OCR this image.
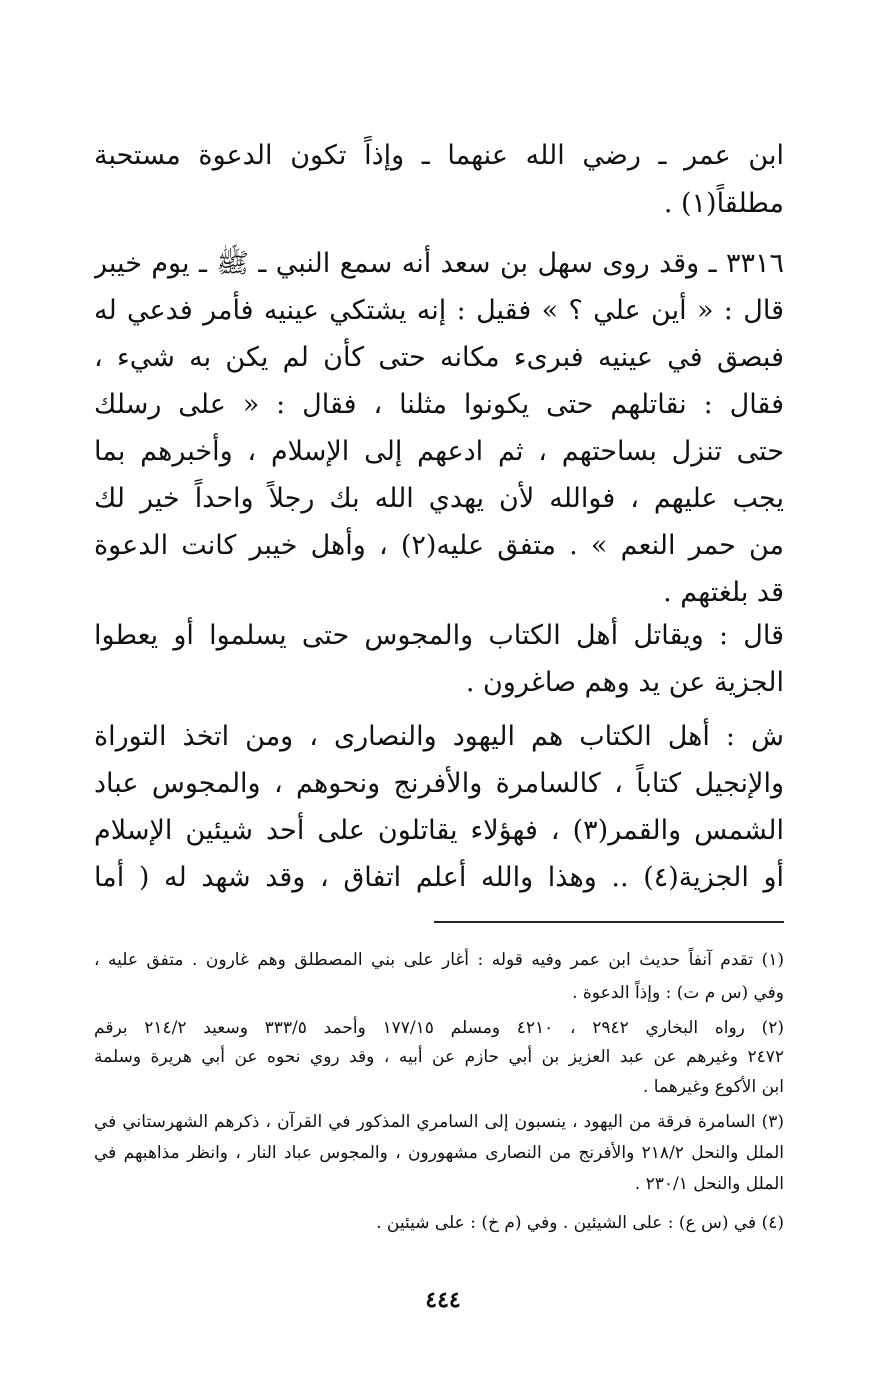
ابن عمر ـ رضي الله عنهما ـ وإذاً تكون الدعوة مستحبة

مطلقاً(١) .

٣٣١٦ ـ وقد روى سهل بن سعد أنه سمع النبي ـ ﷺ ـ يوم خيبر

قال : « أين علي ؟ » فقيل : إنه يشتكي عينيه فأمر فدعي له

فبصق في عينيه فبرىء مكانه حتى كأن لم يكن به شيء ،

فقال : نقاتلهم حتى يكونوا مثلنا ، فقال : « على رسلك

حتى تنزل بساحتهم ، ثم ادعهم إلى الإسلام ، وأخبرهم بما

يجب عليهم ، فوالله لأن يهدي الله بك رجلاً واحداً خير لك

من حمر النعم » . متفق عليه(٢) ، وأهل خيبر كانت الدعوة

قد بلغتهم .

قال : ويقاتل أهل الكتاب والمجوس حتى يسلموا أو يعطوا

الجزية عن يد وهم صاغرون .

ش : أهل الكتاب هم اليهود والنصارى ، ومن اتخذ التوراة

والإنجيل كتاباً ، كالسامرة والأفرنج ونحوهم ، والمجوس عباد

الشمس والقمر(٣) ، فهؤلاء يقاتلون على أحد شيئين الإسلام

أو الجزية(٤) .. وهذا والله أعلم اتفاق ، وقد شهد له ( أما

(١) تقدم آنفاً حديث ابن عمر وفيه قوله : أغار على بني المصطلق وهم غارون . متفق عليه ،

وفي (س م ت) : وإذاً الدعوة .

(٢) رواه البخاري ٢٩٤٢ ، ٤٢١٠ ومسلم ١٧٧/١٥ وأحمد ٣٣٣/٥ وسعيد ٢١٤/٢ برقم

٢٤٧٢ وغيرهم عن عبد العزيز بن أبي حازم عن أبيه ، وقد روي نحوه عن أبي هريرة وسلمة

ابن الأكوع وغيرهما .

(٣) السامرة فرقة من اليهود ، ينسبون إلى السامري المذكور في القرآن ، ذكرهم الشهرستاني في

الملل والنحل ٢١٨/٢ والأفرنج من النصارى مشهورون ، والمجوس عباد النار ، وانظر مذاهبهم في

الملل والنحل ٢٣٠/١ .

(٤) في (س ع) : على الشيئين . وفي (م خ) : على شيئين .

٤٤٤
